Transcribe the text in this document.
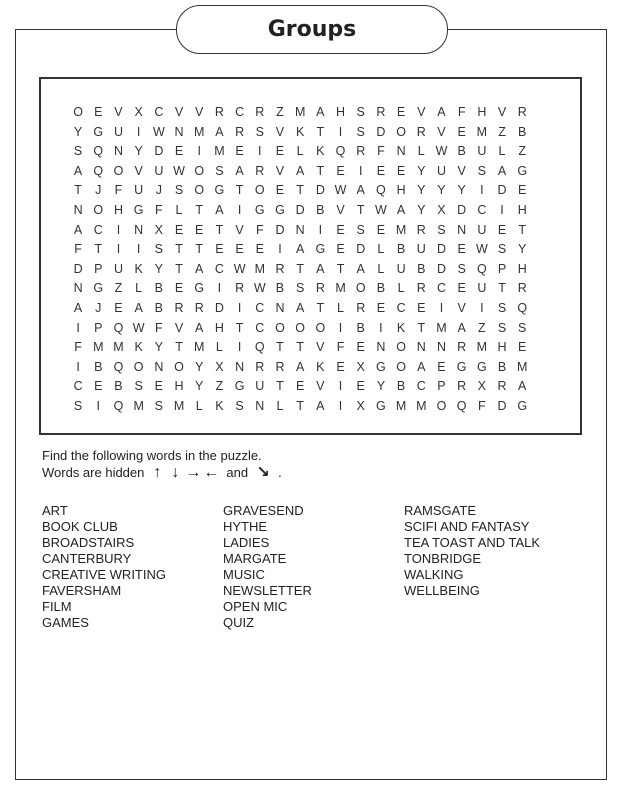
Groups
O E V X C V V R C R Z M A H S R E V A F H V R
Y G U	I	W N M A R S V K T	I	S D O R V E M Z B
S Q N Y D E	I	M E	I	E	L	K Q R F N L W B U L	Z
A Q O V U W O S A R V A T E	I	E E Y U V S A G
T	J	F U	J	S O G T O E T D W A Q H Y Y Y	I	D E
N O H G F	L	T A	I	G G D B V T W A Y X D C	I	H
A C	I	N X E E T V F D N	I	E S E M R S N U E T
F	T	I	I	S T	T E E E	I	A G E D L	B U D E W S Y
D P U K Y T A C W M R T A T A	L U B D S Q P H
N G Z	L	B E G	I	R W B S R M O B	L R C E U T R
A	J	E A B R R D	I	C N A T	L R E C E	I	V	I	S Q
I	P Q W F V A H T C O O O	I	B	I	K T M A Z S S
F M M K Y T M L	I	Q T	T V F E N O N N R M H E
I	B Q O N O Y X N R R A K E X G O A E G G B M
C E B S E H Y Z G U T E V	I	E Y B C P R X R A
S	I	Q M S M L	K S N L	T A	I	X G M M O Q F D G
Find the following words in the puzzle.
Words are hidden ↑ ↓ → ← and ↘ .
ART
BOOK CLUB
BROADSTAIRS
CANTERBURY
CREATIVE WRITING
FAVERSHAM
FILM
GAMES
GRAVESEND
HYTHE
LADIES
MARGATE
MUSIC
NEWSLETTER
OPEN MIC
QUIZ
RAMSGATE
SCIFI AND FANTASY
TEA TOAST AND TALK
TONBRIDGE
WALKING
WELLBEING
